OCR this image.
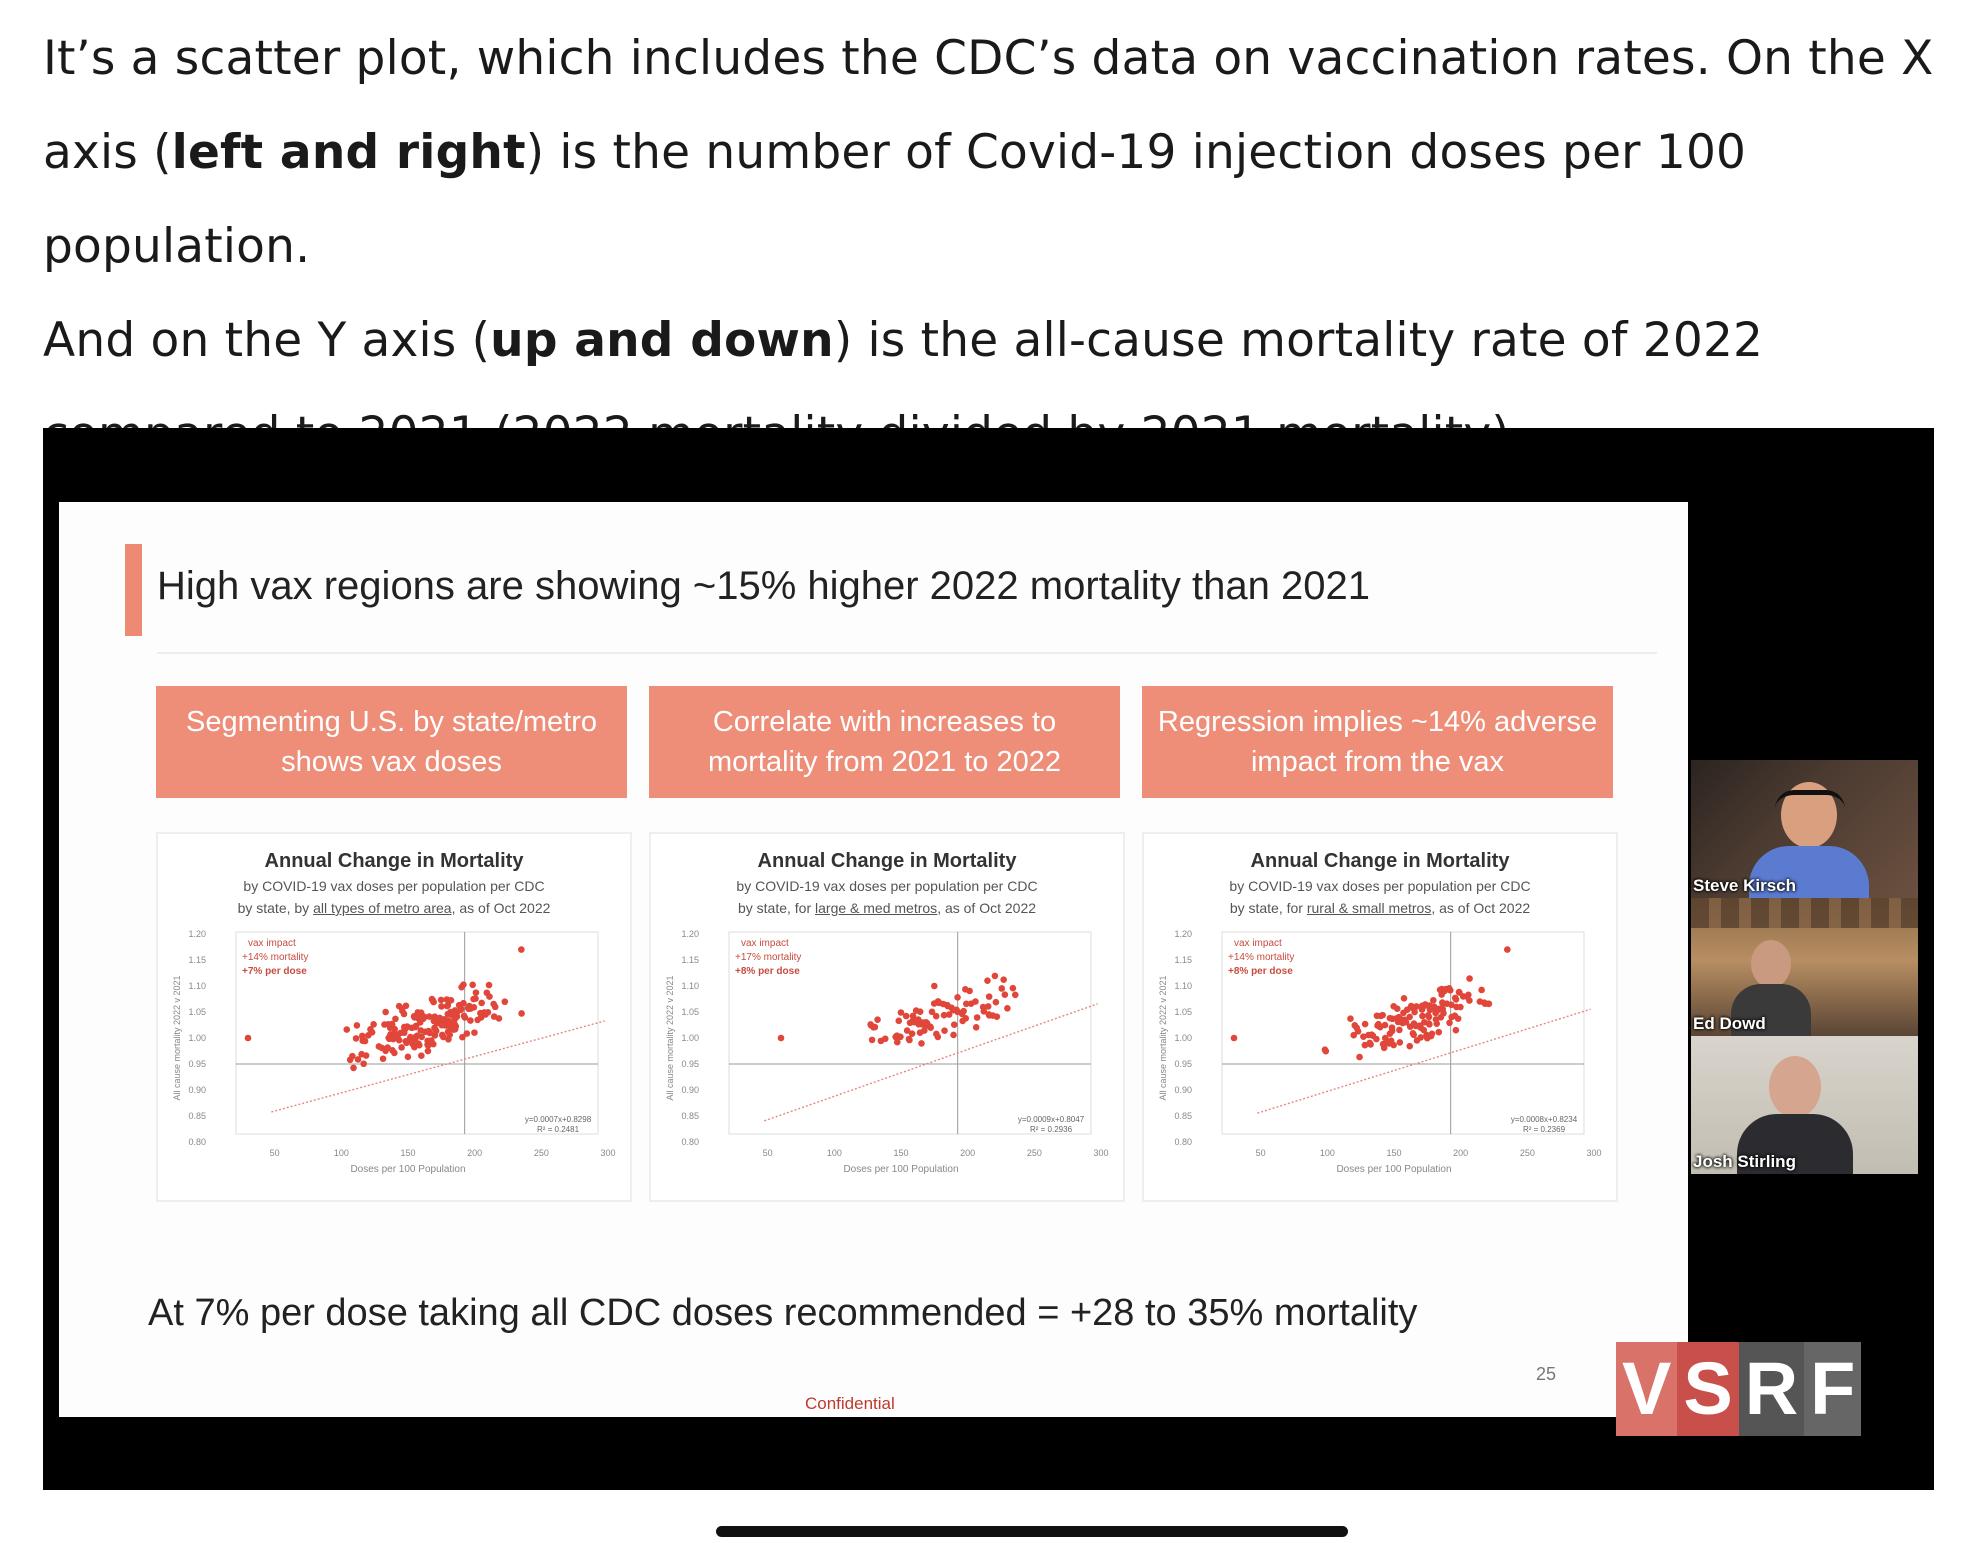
It’s a scatter plot, which includes the CDC’s data on vaccination rates. On the X
axis (left and right) is the number of Covid-19 injection doses per 100 population.
And on the Y axis (up and down) is the all-cause mortality rate of 2022
High vax regions are showing ~15% higher 2022 mortality than 2021
Segmenting U.S. by state/metro shows vax doses
Correlate with increases to mortality from 2021 to 2022
Regression implies ~14% adverse impact from the vax
Annual Change in Mortality
by COVID-19 vax doses per population per CDC
by state, by all types of metro area, as of Oct 2022
All cause mortality 2022 v 2021
1.20
1.15
1.10
1.05
1.00
0.95
0.90
0.85
0.80
50	100	150	200	250	300
Doses per 100 Population
vax impact
+14% mortality
+7% per dose
y=0.0007x+0.8298
R² = 0.2481
Annual Change in Mortality
by COVID-19 vax doses per population per CDC
by state, for large & med metros, as of Oct 2022
All cause mortality 2022 v 2021
1.20
1.15
1.10
1.05
1.00
0.95
0.90
0.85
0.80
50	100	150	200	250	300
Doses per 100 Population
vax impact
+17% mortality
+8% per dose
y=0.0009x+0.8047
R² = 0.2936
Annual Change in Mortality
by COVID-19 vax doses per population per CDC
by state, for rural & small metros, as of Oct 2022
All cause mortality 2022 v 2021
1.20
1.15
1.10
1.05
1.00
0.95
0.90
0.85
0.80
50	100	150	200	250	300
Doses per 100 Population
vax impact
+14% mortality
+8% per dose
y=0.0008x+0.8234
R² = 0.2369
At 7% per dose taking all CDC doses recommended = +28 to 35% mortality
Confidential
25
Steve Kirsch
Ed Dowd
Josh Stirling
V S R F
